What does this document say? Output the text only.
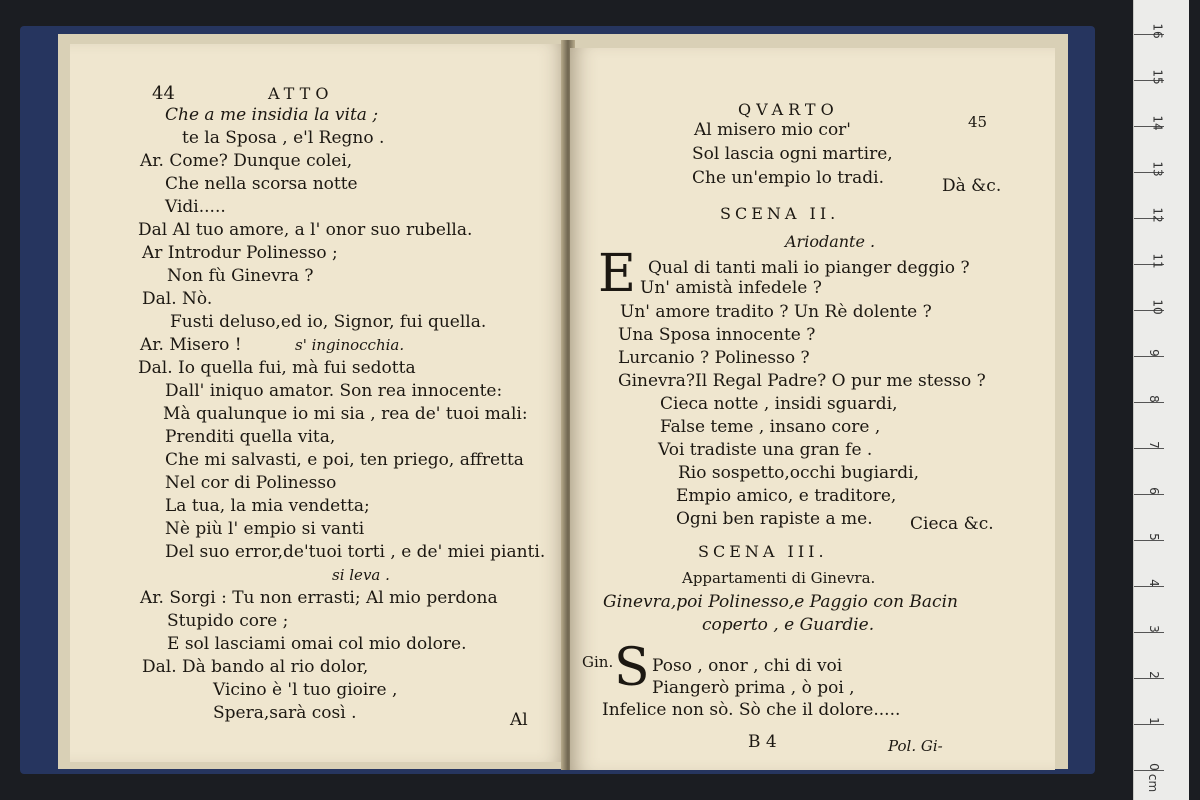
44	ATTO
Che a me insidia la vita ;
te la Sposa , e'l Regno .
Ar. Come? Dunque colei,
Che nella scorsa notte
Vidi.....
Dal Al tuo amore, a l' onor suo rubella.
Ar Introdur Polinesso ;
Non fù Ginevra ?
Dal. Nò.
Fusti deluso,ed io, Signor, fui quella.
Ar. Misero !	s' inginocchia.
Dal. Io quella fui, mà fui sedotta
Dall' iniquo amator. Son rea innocente:
Mà qualunque io mi sia , rea de' tuoi mali:
Prenditi quella vita,
Che mi salvasti, e poi, ten priego, affretta
Nel cor di Polinesso
La tua, la mia vendetta;
Nè più l' empio si vanti
Del suo error,de'tuoi torti , e de' miei pianti.
si leva .
Ar. Sorgi : Tu non errasti; Al mio perdona
Stupido core ;
E sol lasciami omai col mio dolore.
Dal. Dà bando al rio dolor,
Vicino è 'l tuo gioire ,
Spera,sarà così .	Al
QVARTO
45
Al misero mio cor'
Sol lascia ogni martire,
Che un'empio lo tradi.	Dà &c.
SCENA II.
Ariodante .
E Qual di tanti mali io pianger deggio ?
Un' amistà infedele ?
Un' amore tradito ? Un Rè dolente ?
Una Sposa innocente ?
Lurcanio ? Polinesso ?
Ginevra?Il Regal Padre? O pur me stesso ?
Cieca notte , insidi sguardi,
False teme , insano core ,
Voi tradiste una gran fe .
Rio sospetto,occhi bugiardi,
Empio amico, e traditore,
Ogni ben rapiste a me. Cieca &c.
SCENA III.
Appartamenti di Ginevra.
Ginevra,poi Polinesso,e Paggio con Bacin
coperto , e Guardie.
Gin. S Poso , onor , chi di voi
Piangerò prima , ò poi ,
Infelice non sò. Sò che il dolore.....
B 4	Pol. Gi-
0
1
2
3
4
5
6
7
8
9
10
11
12
13
14
15
16
cm
